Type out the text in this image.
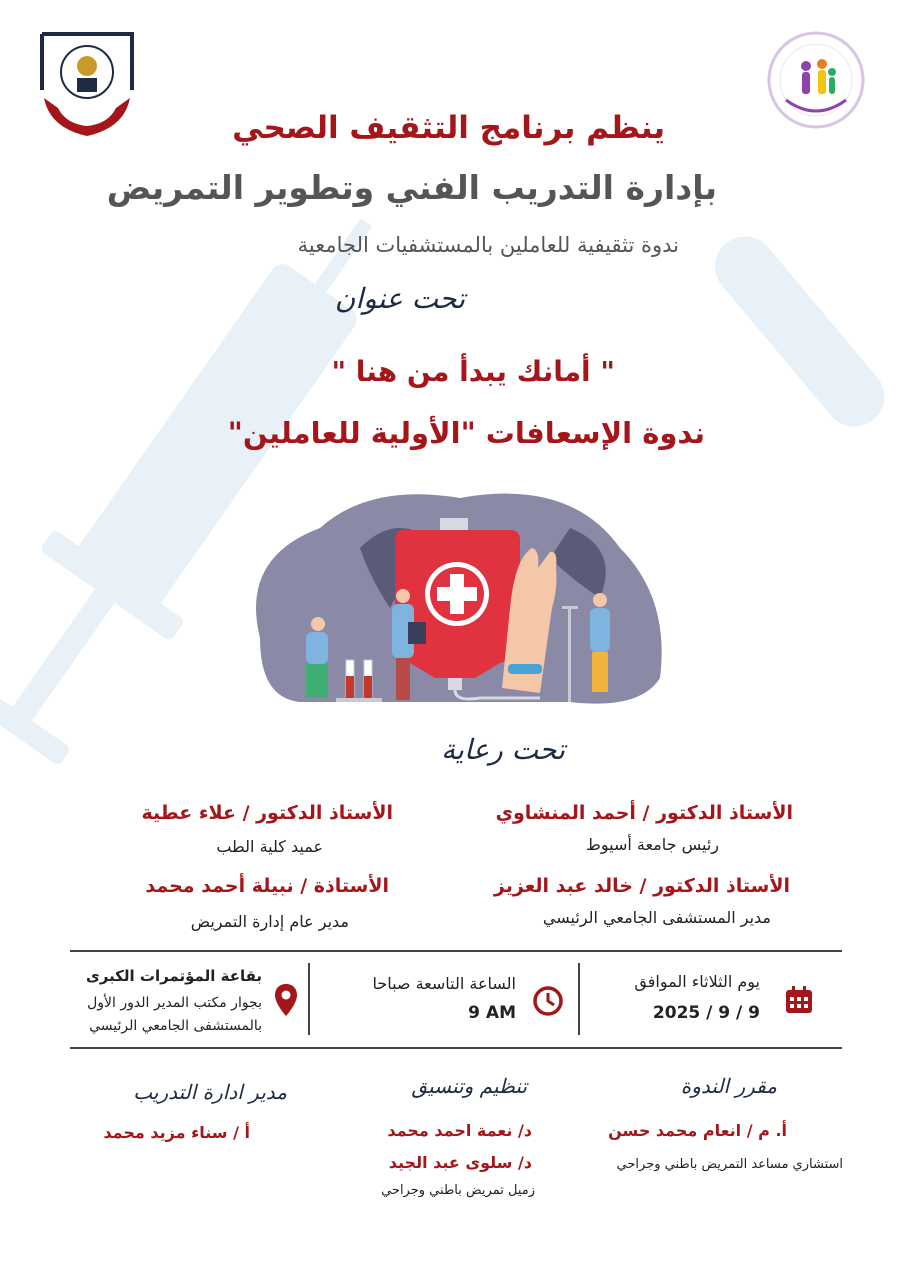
ينظم برنامج التثقيف الصحي
بإدارة التدريب الفني وتطوير التمريض
ندوة تثقيفية للعاملين بالمستشفيات الجامعية
تحت عنوان
" أمانك يبدأ من هنا "
ندوة الإسعافات "الأولية للعاملين"
تحت رعاية
الأستاذ الدكتور / أحمد المنشاوي
رئيس جامعة أسيوط
الأستاذ الدكتور / علاء عطية
عميد كلية الطب
الأستاذ الدكتور / خالد عبد العزيز
مدير المستشفى الجامعي الرئيسي
الأستاذة / نبيلة أحمد محمد
مدير عام إدارة التمريض
يوم الثلاثاء الموافق
2025 / 9 / 9
الساعة التاسعة صباحا
9 AM
بقاعة المؤتمرات الكبرى
بجوار مكتب المدير الدور الأول
بالمستشفى الجامعي الرئيسي
مقرر الندوة
أ. م / انعام محمد حسن
استشاري مساعد التمريض باطني وجراحي
تنظيم وتنسيق
د/ نعمة احمد محمد
د/ سلوى عبد الجيد
زميل تمريض باطني وجراحي
مدير ادارة التدريب
أ / سناء مزيد محمد
